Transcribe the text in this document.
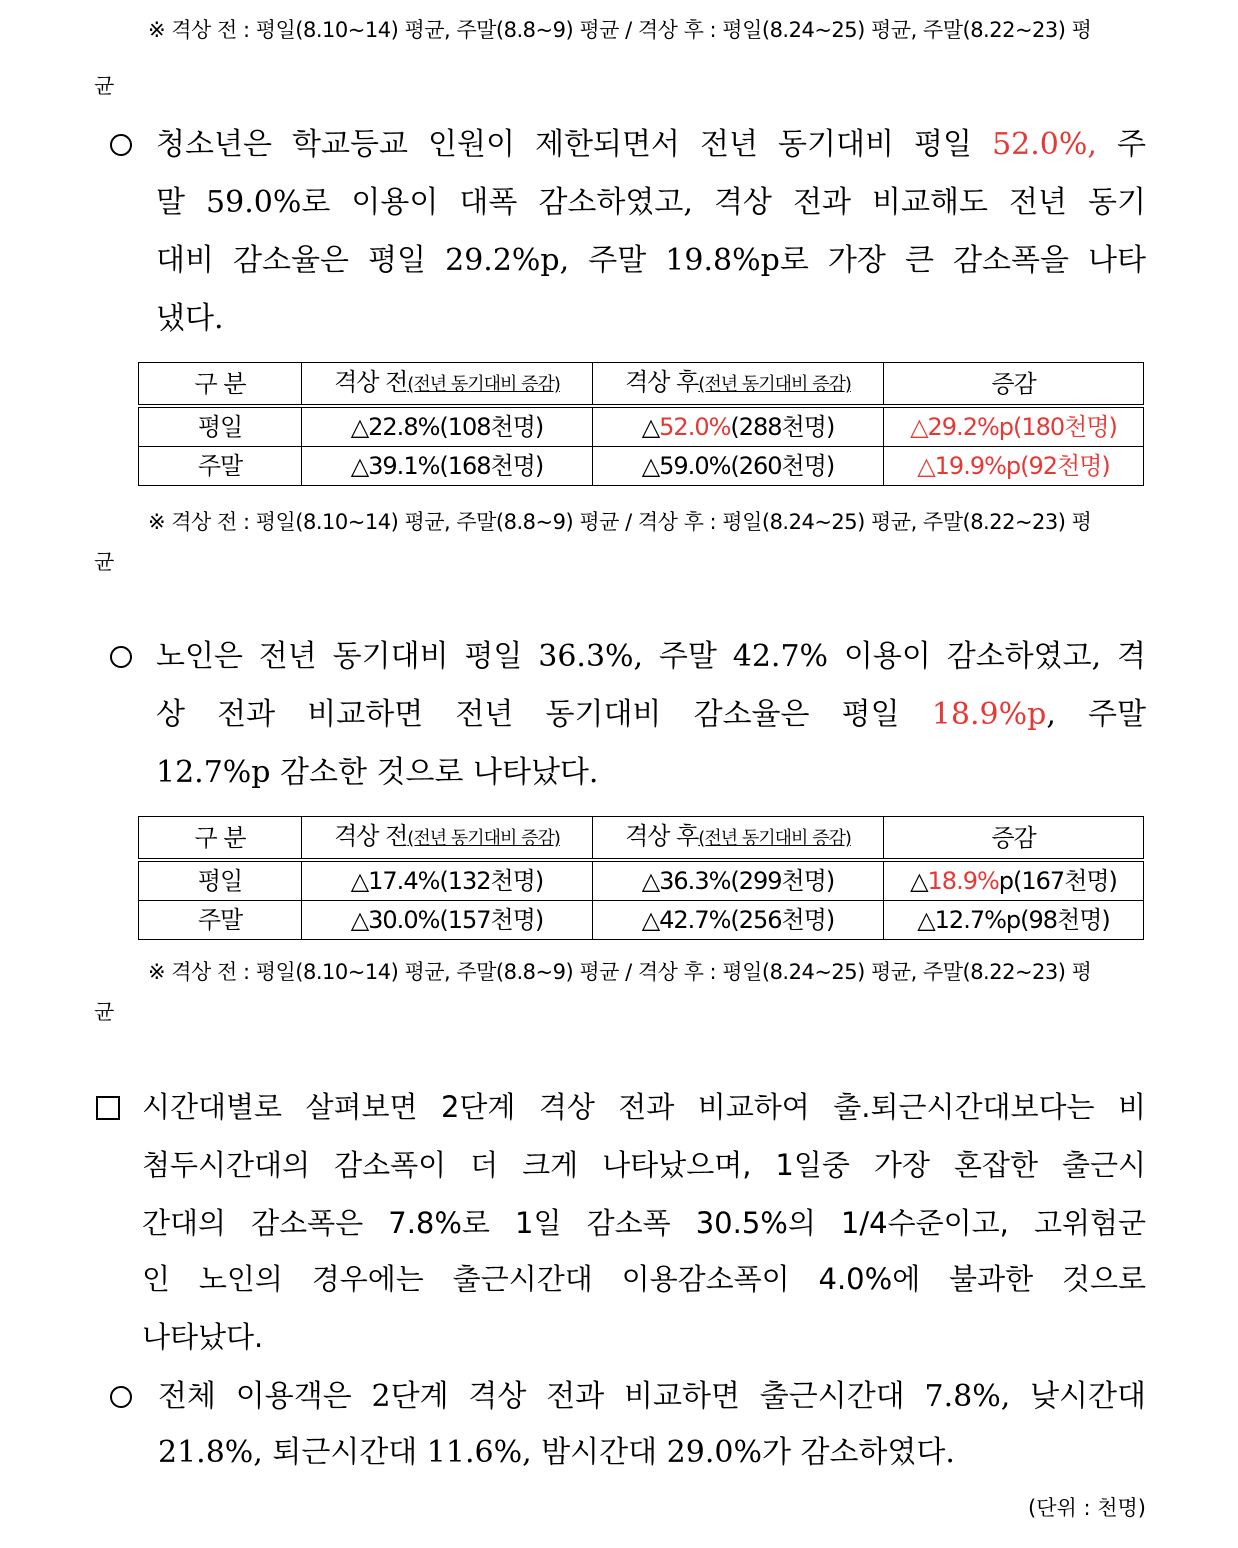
※ 격상 전 : 평일(8.10~14) 평균, 주말(8.8~9) 평균 / 격상 후 : 평일(8.24~25) 평균, 주말(8.22~23) 평
균
청소년은 학교등교 인원이 제한되면서 전년 동기대비 평일 52.0%, 주
말 59.0%로 이용이 대폭 감소하였고, 격상 전과 비교해도 전년 동기
대비 감소율은 평일 29.2%p, 주말 19.8%p로 가장 큰 감소폭을 나타
냈다.
구 분	격상 전(전년 동기대비 증감)	격상 후(전년 동기대비 증감)	증감
평일	△22.8%(108천명)	△52.0%(288천명)	△29.2%p(180천명)
주말	△39.1%(168천명)	△59.0%(260천명)	△19.9%p(92천명)
※ 격상 전 : 평일(8.10~14) 평균, 주말(8.8~9) 평균 / 격상 후 : 평일(8.24~25) 평균, 주말(8.22~23) 평
균
노인은 전년 동기대비 평일 36.3%, 주말 42.7% 이용이 감소하였고, 격
상 전과 비교하면 전년 동기대비 감소율은 평일 18.9%p, 주말
12.7%p 감소한 것으로 나타났다.
구 분	격상 전(전년 동기대비 증감)	격상 후(전년 동기대비 증감)	증감
평일	△17.4%(132천명)	△36.3%(299천명)	△18.9%p(167천명)
주말	△30.0%(157천명)	△42.7%(256천명)	△12.7%p(98천명)
※ 격상 전 : 평일(8.10~14) 평균, 주말(8.8~9) 평균 / 격상 후 : 평일(8.24~25) 평균, 주말(8.22~23) 평
균
시간대별로 살펴보면 2단계 격상 전과 비교하여 출.퇴근시간대보다는 비
첨두시간대의 감소폭이 더 크게 나타났으며, 1일중 가장 혼잡한 출근시
간대의 감소폭은 7.8%로 1일 감소폭 30.5%의 1/4수준이고, 고위험군
인 노인의 경우에는 출근시간대 이용감소폭이 4.0%에 불과한 것으로
나타났다.
전체 이용객은 2단계 격상 전과 비교하면 출근시간대 7.8%, 낮시간대
21.8%, 퇴근시간대 11.6%, 밤시간대 29.0%가 감소하였다.
(단위 : 천명)
